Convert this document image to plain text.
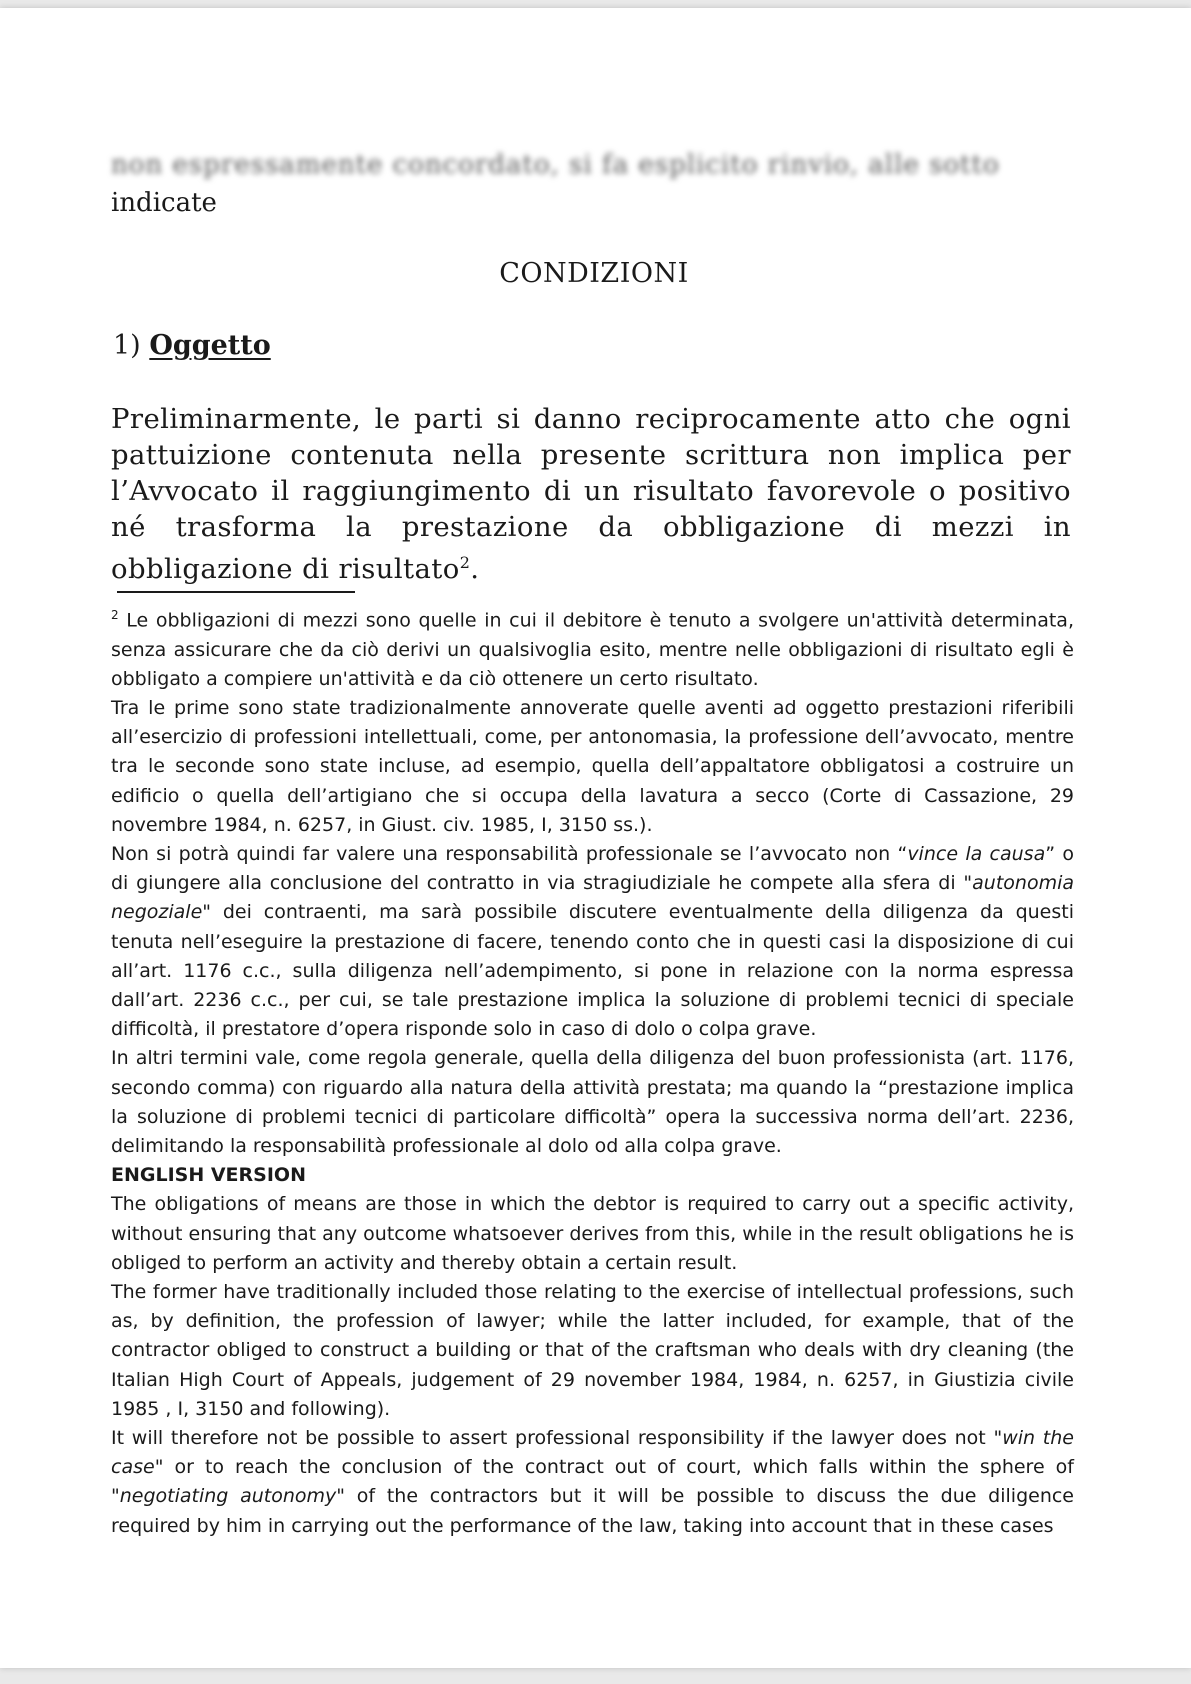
non espressamente concordato, si fa esplicito rinvio, alle sotto
indicate
CONDIZIONI
1) Oggetto
Preliminarmente, le parti si danno reciprocamente atto che ogni pattuizione contenuta nella presente scrittura non implica per l’Avvocato il raggiungimento di un risultato favorevole o positivo né trasforma la prestazione da obbligazione di mezzi in obbligazione di risultato$^2$.

$^2$ Le obbligazioni di mezzi sono quelle in cui il debitore è tenuto a svolgere un'attività determinata, senza assicurare che da ciò derivi un qualsivoglia esito, mentre nelle obbligazioni di risultato egli è obbligato a compiere un'attività e da ciò ottenere un certo risultato.

Tra le prime sono state tradizionalmente annoverate quelle aventi ad oggetto prestazioni riferibili all’esercizio di professioni intellettuali, come, per antonomasia, la professione dell’avvocato, mentre tra le seconde sono state incluse, ad esempio, quella dell’appaltatore obbligatosi a costruire un edificio o quella dell’artigiano che si occupa della lavatura a secco (Corte di Cassazione, 29 novembre 1984, n. 6257, in Giust. civ. 1985, I, 3150 ss.).

Non si potrà quindi far valere una responsabilità professionale se l’avvocato non “vince la causa” o di giungere alla conclusione del contratto in via stragiudiziale he compete alla sfera di "autonomia negoziale" dei contraenti, ma sarà possibile discutere eventualmente della diligenza da questi tenuta nell’eseguire la prestazione di facere, tenendo conto che in questi casi la disposizione di cui all’art. 1176 c.c., sulla diligenza nell’adempimento, si pone in relazione con la norma espressa dall’art. 2236 c.c., per cui, se tale prestazione implica la soluzione di problemi tecnici di speciale difficoltà, il prestatore d’opera risponde solo in caso di dolo o colpa grave.

In altri termini vale, come regola generale, quella della diligenza del buon professionista (art. 1176, secondo comma) con riguardo alla natura della attività prestata; ma quando la “prestazione implica la soluzione di problemi tecnici di particolare difficoltà” opera la successiva norma dell’art. 2236, delimitando la responsabilità professionale al dolo od alla colpa grave.

ENGLISH VERSION

The obligations of means are those in which the debtor is required to carry out a specific activity, without ensuring that any outcome whatsoever derives from this, while in the result obligations he is obliged to perform an activity and thereby obtain a certain result.

The former have traditionally included those relating to the exercise of intellectual professions, such as, by definition, the profession of lawyer; while the latter included, for example, that of the contractor obliged to construct a building or that of the craftsman who deals with dry cleaning (the Italian High Court of Appeals, judgement of 29 november 1984, 1984, n. 6257, in Giustizia civile 1985 , I, 3150 and following).

It will therefore not be possible to assert professional responsibility if the lawyer does not "win the case" or to reach the conclusion of the contract out of court, which falls within the sphere of "negotiating autonomy" of the contractors but it will be possible to discuss the due diligence required by him in carrying out the performance of the law, taking into account that in these cases
